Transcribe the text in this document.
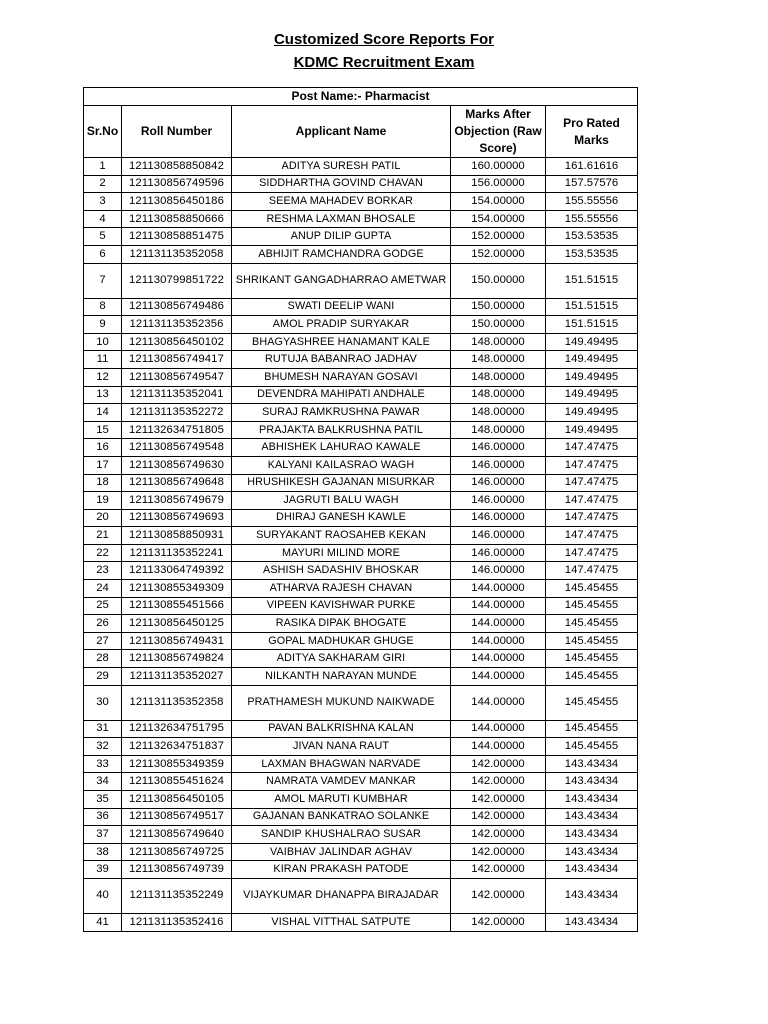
Customized Score Reports For
KDMC Recruitment Exam
Post Name:- Pharmacist				
Sr.No	Roll Number	Applicant Name	Marks After Objection (Raw Score)	Pro Rated Marks
1	121130858850842	ADITYA SURESH PATIL	160.00000	161.61616
2	121130856749596	SIDDHARTHA GOVIND CHAVAN	156.00000	157.57576
3	121130856450186	SEEMA MAHADEV BORKAR	154.00000	155.55556
4	121130858850666	RESHMA LAXMAN BHOSALE	154.00000	155.55556
5	121130858851475	ANUP DILIP GUPTA	152.00000	153.53535
6	121131135352058	ABHIJIT RAMCHANDRA GODGE	152.00000	153.53535
7	121130799851722	SHRIKANT GANGADHARRAO AMETWAR	150.00000	151.51515
8	121130856749486	SWATI DEELIP WANI	150.00000	151.51515
9	121131135352356	AMOL PRADIP SURYAKAR	150.00000	151.51515
10	121130856450102	BHAGYASHREE HANAMANT KALE	148.00000	149.49495
11	121130856749417	RUTUJA BABANRAO JADHAV	148.00000	149.49495
12	121130856749547	BHUMESH NARAYAN GOSAVI	148.00000	149.49495
13	121131135352041	DEVENDRA MAHIPATI ANDHALE	148.00000	149.49495
14	121131135352272	SURAJ RAMKRUSHNA PAWAR	148.00000	149.49495
15	121132634751805	PRAJAKTA BALKRUSHNA PATIL	148.00000	149.49495
16	121130856749548	ABHISHEK LAHURAO KAWALE	146.00000	147.47475
17	121130856749630	KALYANI KAILASRAO WAGH	146.00000	147.47475
18	121130856749648	HRUSHIKESH GAJANAN MISURKAR	146.00000	147.47475
19	121130856749679	JAGRUTI BALU WAGH	146.00000	147.47475
20	121130856749693	DHIRAJ GANESH KAWLE	146.00000	147.47475
21	121130858850931	SURYAKANT RAOSAHEB KEKAN	146.00000	147.47475
22	121131135352241	MAYURI MILIND MORE	146.00000	147.47475
23	121133064749392	ASHISH SADASHIV BHOSKAR	146.00000	147.47475
24	121130855349309	ATHARVA RAJESH CHAVAN	144.00000	145.45455
25	121130855451566	VIPEEN KAVISHWAR PURKE	144.00000	145.45455
26	121130856450125	RASIKA DIPAK BHOGATE	144.00000	145.45455
27	121130856749431	GOPAL MADHUKAR GHUGE	144.00000	145.45455
28	121130856749824	ADITYA SAKHARAM GIRI	144.00000	145.45455
29	121131135352027	NILKANTH NARAYAN MUNDE	144.00000	145.45455
30	121131135352358	PRATHAMESH MUKUND NAIKWADE	144.00000	145.45455
31	121132634751795	PAVAN BALKRISHNA KALAN	144.00000	145.45455
32	121132634751837	JIVAN NANA RAUT	144.00000	145.45455
33	121130855349359	LAXMAN BHAGWAN NARVADE	142.00000	143.43434
34	121130855451624	NAMRATA VAMDEV MANKAR	142.00000	143.43434
35	121130856450105	AMOL MARUTI KUMBHAR	142.00000	143.43434
36	121130856749517	GAJANAN BANKATRAO SOLANKE	142.00000	143.43434
37	121130856749640	SANDIP KHUSHALRAO SUSAR	142.00000	143.43434
38	121130856749725	VAIBHAV JALINDAR AGHAV	142.00000	143.43434
39	121130856749739	KIRAN PRAKASH PATODE	142.00000	143.43434
40	121131135352249	VIJAYKUMAR DHANAPPA BIRAJADAR	142.00000	143.43434
41	121131135352416	VISHAL VITTHAL SATPUTE	142.00000	143.43434
